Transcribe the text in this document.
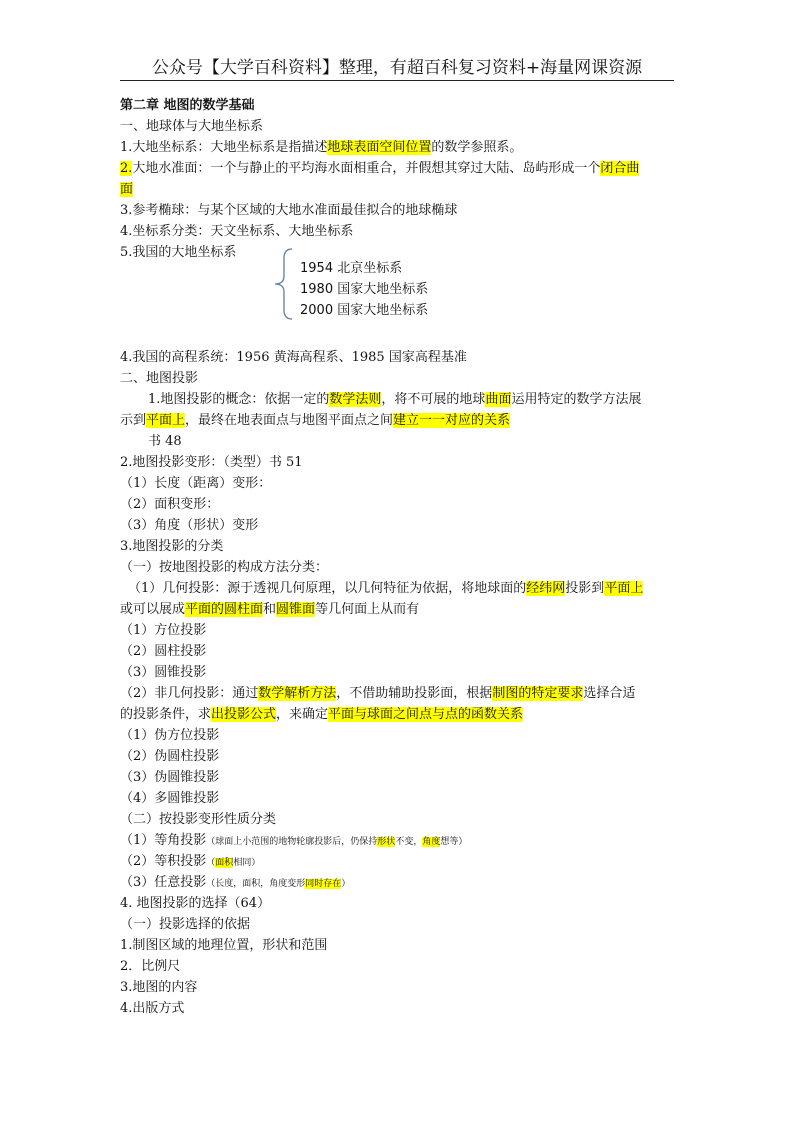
公众号【大学百科资料】整理，有超百科复习资料+海量网课资源
第二章 地图的数学基础
一、地球体与大地坐标系
1.大地坐标系：大地坐标系是指描述地球表面空间位置的数学参照系。
2.大地水准面：一个与静止的平均海水面相重合，并假想其穿过大陆、岛屿形成一个闭合曲
面
3.参考椭球：与某个区域的大地水准面最佳拟合的地球椭球
4.坐标系分类：天文坐标系、大地坐标系
5.我国的大地坐标系
4.我国的高程系统：1956 黄海高程系、1985 国家高程基准
二、地图投影
1.地图投影的概念：依据一定的数学法则，将不可展的地球曲面运用特定的数学方法展
示到平面上，最终在地表面点与地图平面点之间建立一一对应的关系
书 48
2.地图投影变形：（类型）书 51
（1）长度（距离）变形：
（2）面积变形：
（3）角度（形状）变形
3.地图投影的分类
（一）按地图投影的构成方法分类：
（1）几何投影：源于透视几何原理，以几何特征为依据，将地球面的经纬网投影到平面上
或可以展成平面的圆柱面和圆锥面等几何面上从而有
（1）方位投影
（2）圆柱投影
（3）圆锥投影
（2）非几何投影：通过数学解析方法，不借助辅助投影面，根据制图的特定要求选择合适
的投影条件，求出投影公式，来确定平面与球面之间点与点的函数关系
（1）伪方位投影
（2）伪圆柱投影
（3）伪圆锥投影
（4）多圆锥投影
（二）按投影变形性质分类
（1）等角投影（球面上小范围的地物轮廓投影后，仍保持形状不变，角度想等）
（2）等积投影（面积相同）
（3）任意投影（长度，面积，角度变形同时存在）
4. 地图投影的选择（64）
（一）投影选择的依据
1.制图区域的地理位置，形状和范围
2．比例尺
3.地图的内容
4.出版方式
1954 北京坐标系
1980 国家大地坐标系
2000 国家大地坐标系
